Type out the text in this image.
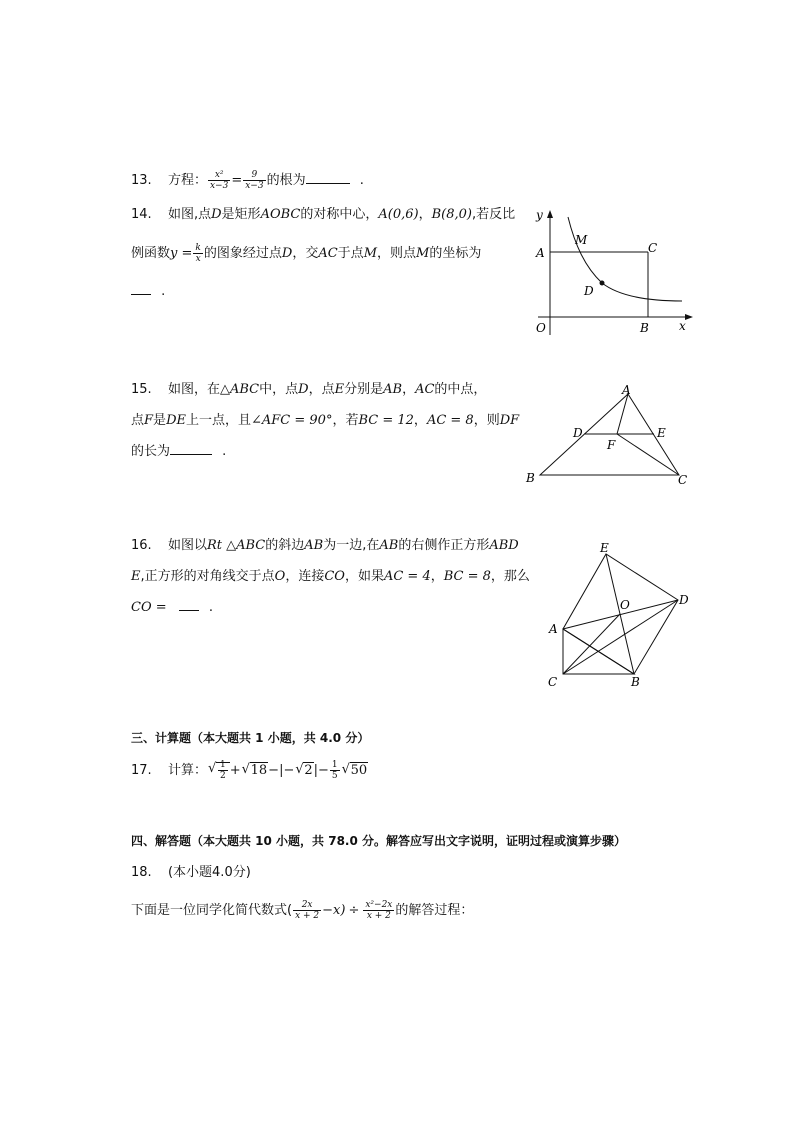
13. 方程： $\frac{\text{x²}}{x-3} = \frac{9}{x-3}$ 的根为	.
14. 如图,点D是矩形AOBC的对称中心，A(0,6)，B(8,0),若反比
例函数$y = \frac{k}{x}$ 的图象经过点D，交AC于点M，则点M的坐标为
.
y
A
M
C
D
O	B	x
15. 如图，在△ABC中，点D，点E分别是AB，AC的中点，
点F是DE上一点，且∠AFC = 90°，若BC = 12，AC = 8，则DF
的长为	.
A
D	E
F
B	C
16. 如图以Rt △ABC的斜边AB为一边,在AB的右侧作正方形ABD
E,正方形的对角线交于点O，连接CO，如果AC = 4，BC = 8，那么
CO =	.
E
O	D
A
C	B
三、计算题（本大题共 1 小题，共 4.0 分）
17. 计算： √ $\frac{1}{2}$ + √ 18−|− √ $2|- \frac{1}{5}$ √ 50
四、解答题（本大题共 10 小题，共 78.0 分。解答应写出文字说明，证明过程或演算步骤）
18. (本小题4.0分)
下面是一位同学化简代数式( $\frac{2x}{x + 2} -x) \div \frac{\text{x²−2x}}{x + 2}$ 的解答过程：
